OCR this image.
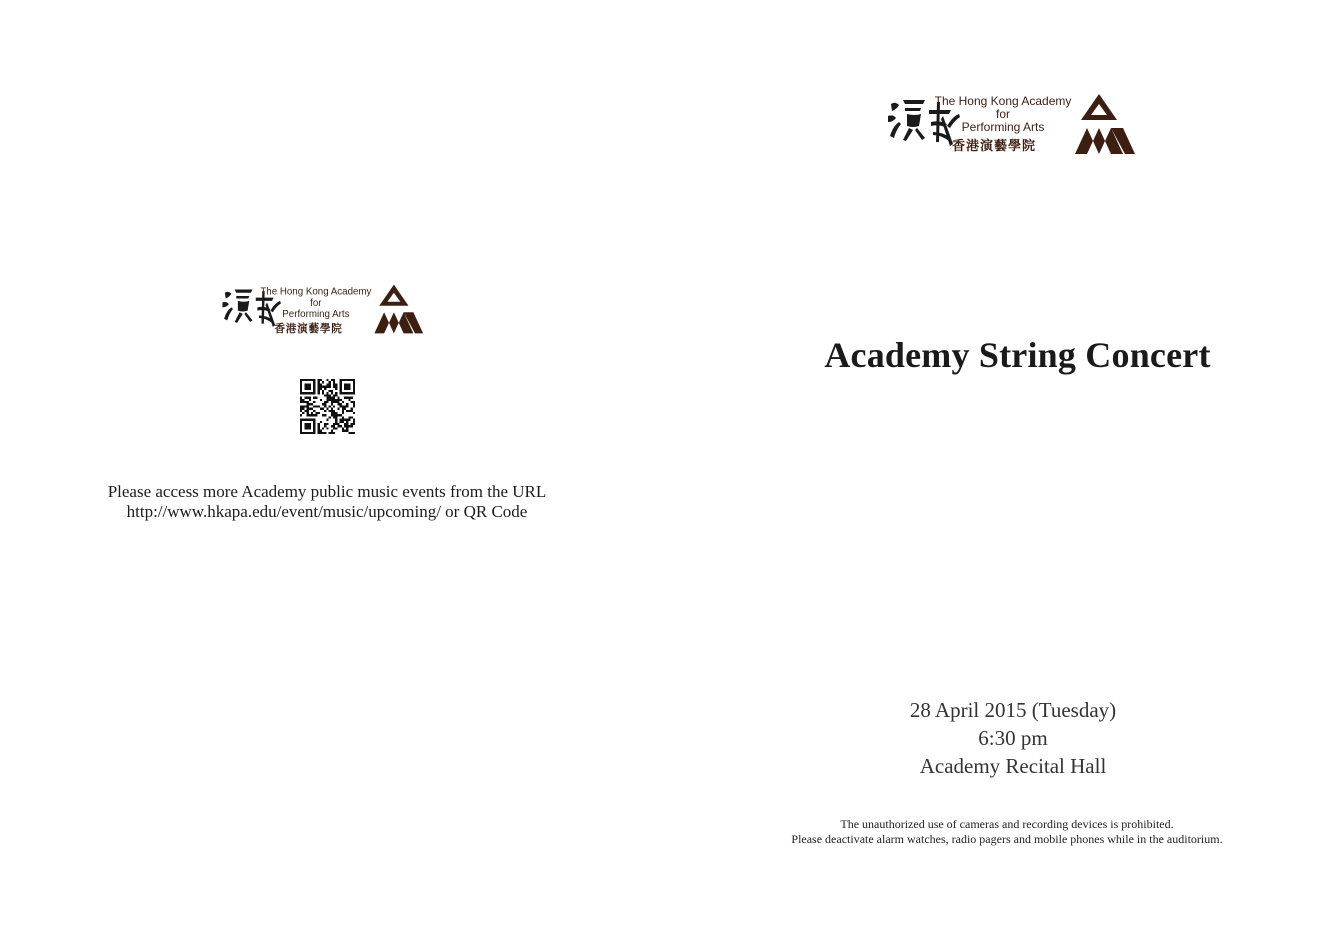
The Hong Kong Academy
for
Performing Arts
香港演藝學院
Please access more Academy public music events from the URL
http://www.hkapa.edu/event/music/upcoming/ or QR Code
The Hong Kong Academy
for
Performing Arts
香港演藝學院
Academy String Concert
28 April 2015 (Tuesday)
6:30 pm
Academy Recital Hall
The unauthorized use of cameras and recording devices is prohibited.
Please deactivate alarm watches, radio pagers and mobile phones while in the auditorium.
